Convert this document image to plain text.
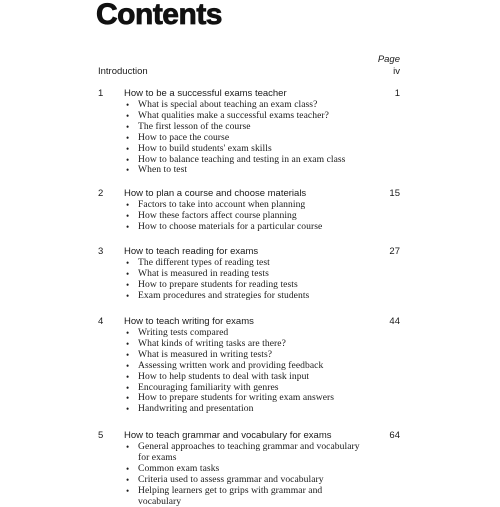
Contents
Page
Introduction	iv
1 How to be a successful exams teacher	1
• What is special about teaching an exam class?
• What qualities make a successful exams teacher?
• The first lesson of the course
• How to pace the course
• How to build students' exam skills
• How to balance teaching and testing in an exam class
• When to test
2 How to plan a course and choose materials	15
• Factors to take into account when planning
• How these factors affect course planning
• How to choose materials for a particular course
3 How to teach reading for exams	27
• The different types of reading test
• What is measured in reading tests
• How to prepare students for reading tests
• Exam procedures and strategies for students
4 How to teach writing for exams	44
• Writing tests compared
• What kinds of writing tasks are there?
• What is measured in writing tests?
• Assessing written work and providing feedback
• How to help students to deal with task input
• Encouraging familiarity with genres
• How to prepare students for writing exam answers
• Handwriting and presentation
5 How to teach grammar and vocabulary for exams	64
• General approaches to teaching grammar and vocabulary for exams
• Common exam tasks
• Criteria used to assess grammar and vocabulary
• Helping learners get to grips with grammar and vocabulary
